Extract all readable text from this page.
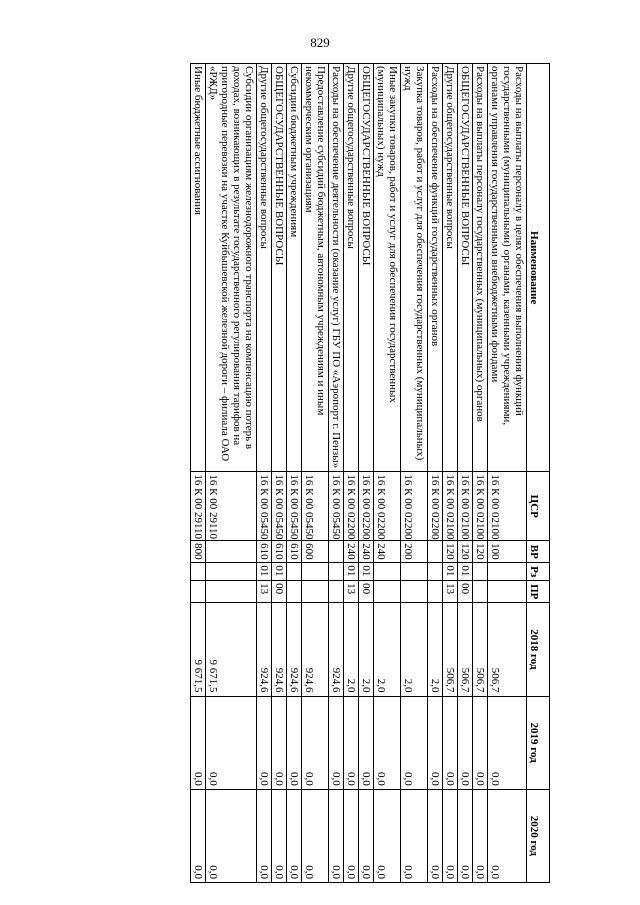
829
Наименование	ЦСР	ВР	Рз	ПР	2018 год	2019 год	2020 год
Расходы на выплаты персоналу в целях обеспечения выполнения функций государственными (муниципальными) органами, казенными учреждениями, органами управления государственными внебюджетными фондами	16 К 00 02100	100			506,7	0,0	0,0
Расходы на выплаты персоналу государственных (муниципальных) органов	16 К 00 02100	120			506,7	0,0	0,0
ОБЩЕГОСУДАРСТВЕННЫЕ ВОПРОСЫ	16 К 00 02100	120	01	00	506,7	0,0	0,0
Другие общегосударственные вопросы	16 К 00 02100	120	01	13	506,7	0,0	0,0
Расходы на обеспечение функций государственных органов	16 К 00 02200				2,0	0,0	0,0
Закупка товаров, работ и услуг для обеспечения государственных (муниципальных) нужд	16 К 00 02200	200			2,0	0,0	0,0
Иные закупки товаров, работ и услуг для обеспечения государственных (муниципальных) нужд	16 К 00 02200	240			2,0	0,0	0,0
ОБЩЕГОСУДАРСТВЕННЫЕ ВОПРОСЫ	16 К 00 02200	240	01	00	2,0	0,0	0,0
Другие общегосударственные вопросы	16 К 00 02200	240	01	13	2,0	0,0	0,0
Расходы на обеспечение деятельности (оказание услуг) ГБУ ПО «Аэропорт г. Пензы»	16 К 00 05450				924,6	0,0	0,0
Предоставление субсидий бюджетным, автономным учреждениям и иным некоммерческим организациям	16 К 00 05450	600			924,6	0,0	0,0
Субсидии бюджетным учреждениям	16 К 00 05450	610			924,6	0,0	0,0
ОБЩЕГОСУДАРСТВЕННЫЕ ВОПРОСЫ	16 К 00 05450	610	01	00	924,6	0,0	0,0
Другие общегосударственные вопросы	16 К 00 05450	610	01	13	924,6	0,0	0,0
Субсидии организациям железнодорожного транспорта на компенсацию потерь в доходах, возникающих в результате государственного регулирования тарифов на пригородные перевозки на участке Куйбышевской железной дороги – филиала ОАО «РЖД»	16 К 00 29110				9 671,5	0,0	0,0
Иные бюджетные ассигнования	16 К 00 29110	800			9 671,5	0,0	0,0
